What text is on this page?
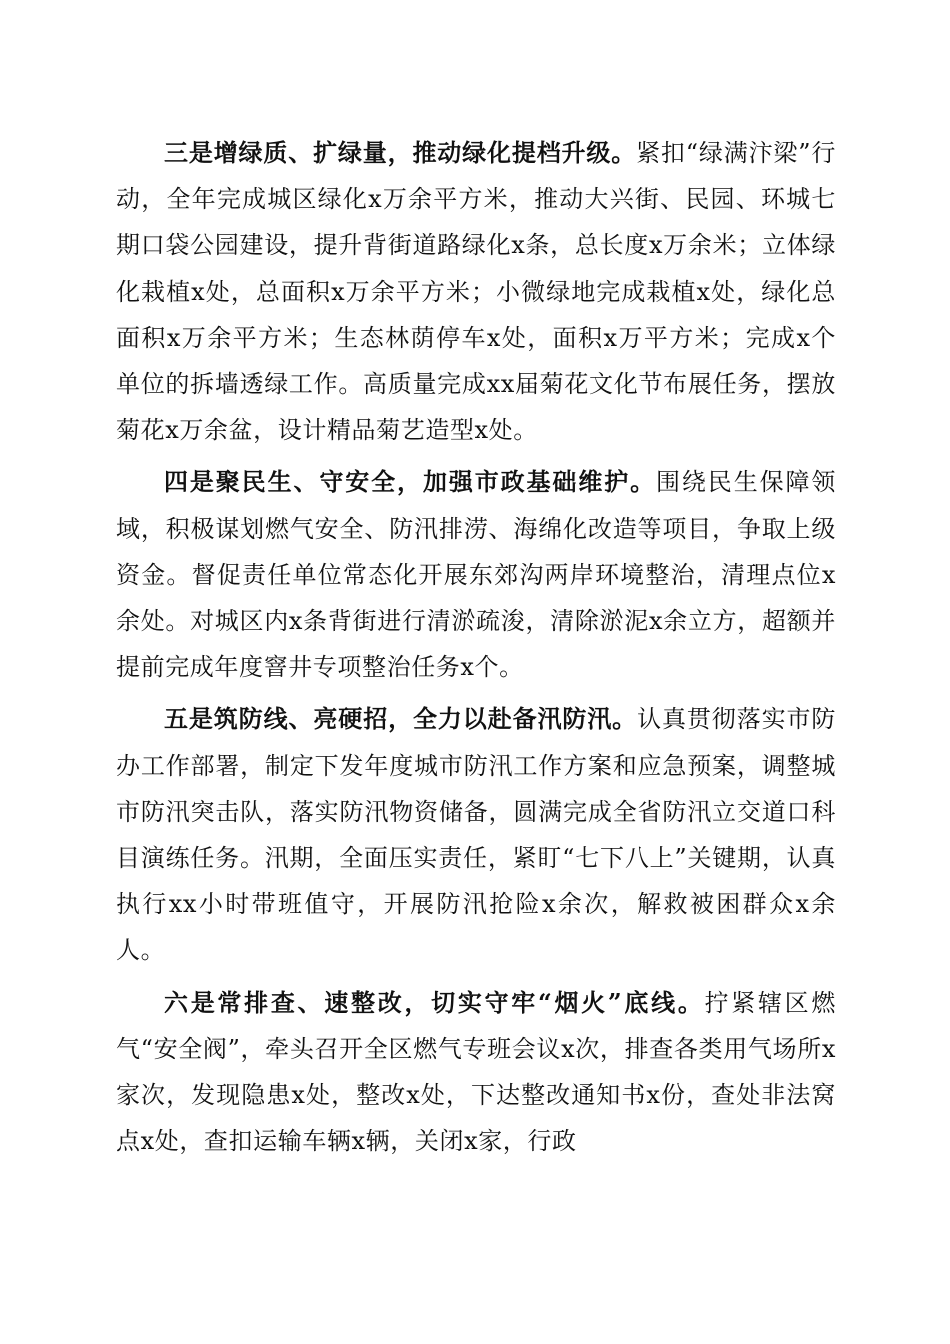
三是增绿质、扩绿量，推动绿化提档升级。紧扣“绿满汴梁”行动，全年完成城区绿化x万余平方米，推动大兴街、民园、环城七期口袋公园建设，提升背街道路绿化x条，总长度x万余米；立体绿化栽植x处，总面积x万余平方米；小微绿地完成栽植x处，绿化总面积x万余平方米；生态林荫停车x处，面积x万平方米；完成x个单位的拆墙透绿工作。高质量完成xx届菊花文化节布展任务，摆放菊花x万余盆，设计精品菊艺造型x处。

四是聚民生、守安全，加强市政基础维护。围绕民生保障领域，积极谋划燃气安全、防汛排涝、海绵化改造等项目，争取上级资金。督促责任单位常态化开展东郊沟两岸环境整治，清理点位x余处。对城区内x条背街进行清淤疏浚，清除淤泥x余立方，超额并提前完成年度窨井专项整治任务x个。

五是筑防线、亮硬招，全力以赴备汛防汛。认真贯彻落实市防办工作部署，制定下发年度城市防汛工作方案和应急预案，调整城市防汛突击队，落实防汛物资储备，圆满完成全省防汛立交道口科目演练任务。汛期，全面压实责任，紧盯“七下八上”关键期，认真执行xx小时带班值守，开展防汛抢险x余次，解救被困群众x余人。

六是常排查、速整改，切实守牢“烟火”底线。拧紧辖区燃气“安全阀”，牵头召开全区燃气专班会议x次，排查各类用气场所x家次，发现隐患x处，整改x处，下达整改通知书x份，查处非法窝点x处，查扣运输车辆x辆，关闭x家，行政
